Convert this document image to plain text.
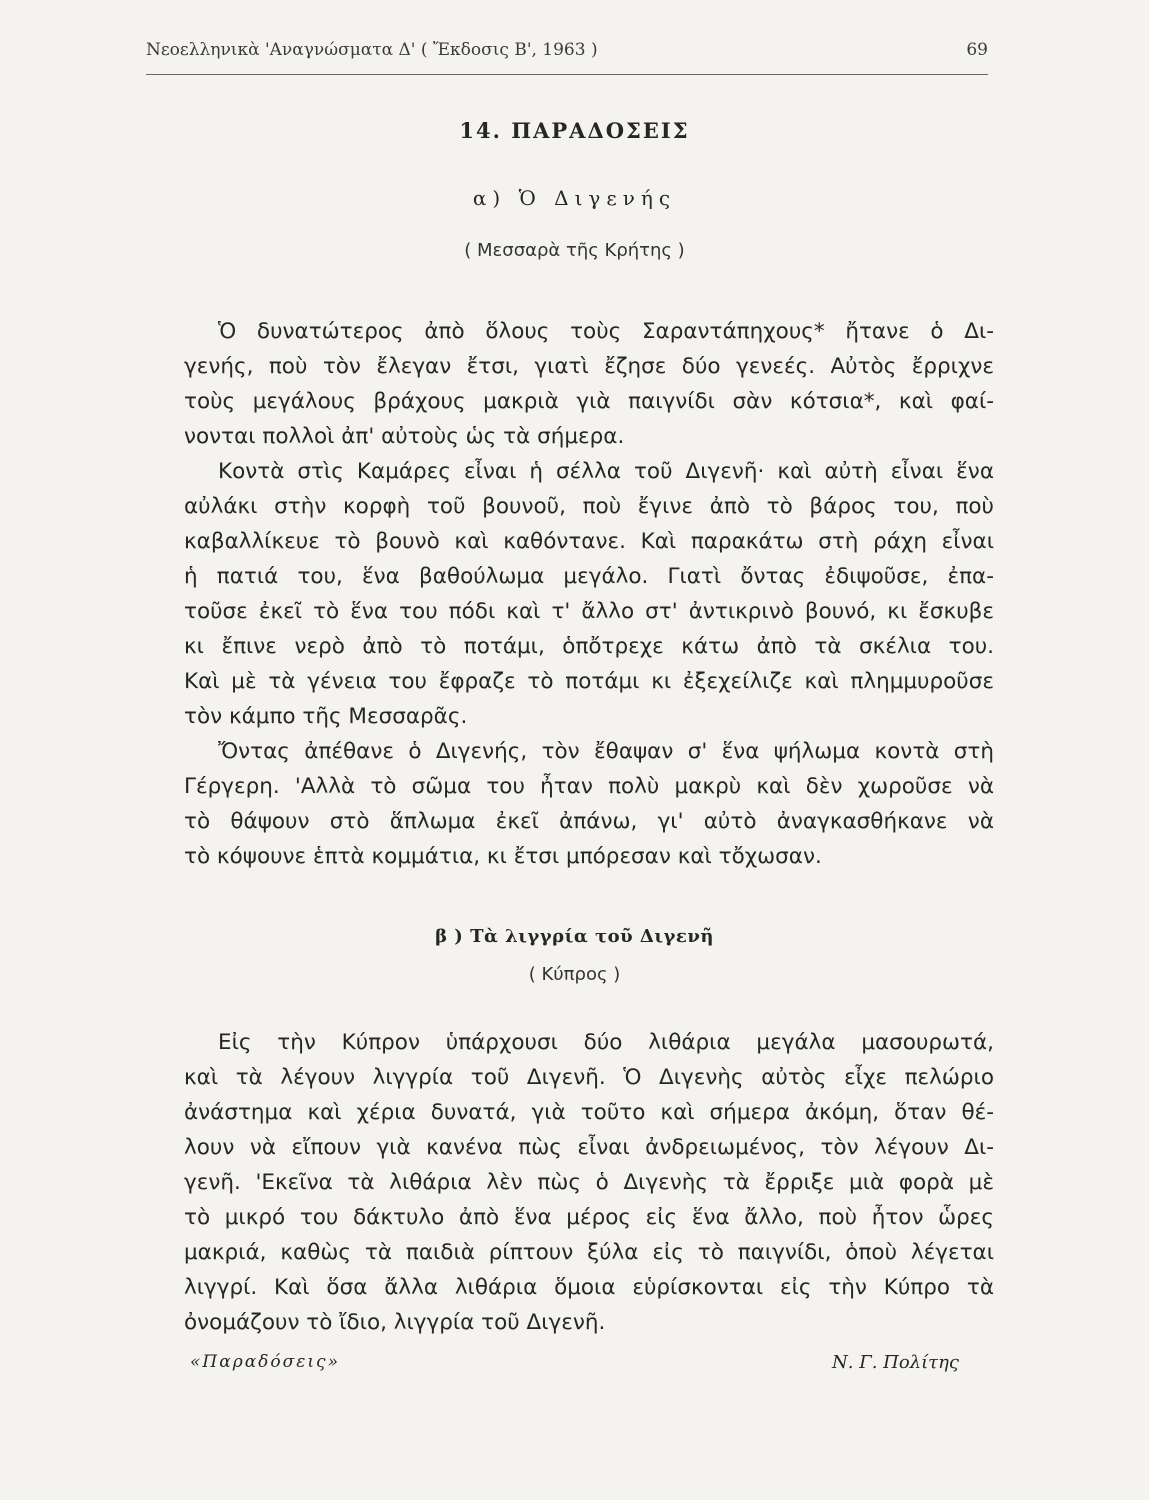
Νεοελληνικὰ 'Αναγνώσματα Δ' ( Ἔκδοσις Β', 1963 )	69
14. ΠΑΡΑΔΟΣΕΙΣ
α) Ὁ Διγενής
( Μεσσαρὰ τῆς Κρήτης )

Ὁ δυνατώτερος ἀπὸ ὅλους τοὺς Σαραντάπηχους* ἤτανε ὁ Δι-
γενής, ποὺ τὸν ἔλεγαν ἔτσι, γιατὶ ἔζησε δύο γενεές. Αὐτὸς ἔρριχνε
τοὺς μεγάλους βράχους μακριὰ γιὰ παιγνίδι σὰν κότσια*, καὶ φαί-
νονται πολλοὶ ἀπ' αὐτοὺς ὡς τὰ σήμερα.

Κοντὰ στὶς Καμάρες εἶναι ἡ σέλλα τοῦ Διγενῆ· καὶ αὐτὴ εἶναι ἕνα
αὐλάκι στὴν κορφὴ τοῦ βουνοῦ, ποὺ ἔγινε ἀπὸ τὸ βάρος του, ποὺ
καβαλλίκευε τὸ βουνὸ καὶ καθόντανε. Καὶ παρακάτω στὴ ράχη εἶναι
ἡ πατιά του, ἕνα βαθούλωμα μεγάλο. Γιατὶ ὄντας ἐδιψοῦσε, ἐπα-
τοῦσε ἐκεῖ τὸ ἕνα του πόδι καὶ τ' ἄλλο στ' ἀντικρινὸ βουνό, κι ἔσκυβε
κι ἔπινε νερὸ ἀπὸ τὸ ποτάμι, ὁπὄτρεχε κάτω ἀπὸ τὰ σκέλια του.
Καὶ μὲ τὰ γένεια του ἔφραζε τὸ ποτάμι κι ἐξεχείλιζε καὶ πλημμυροῦσε
τὸν κάμπο τῆς Μεσσαρᾶς.

Ὄντας ἀπέθανε ὁ Διγενής, τὸν ἔθαψαν σ' ἕνα ψήλωμα κοντὰ στὴ
Γέργερη. 'Αλλὰ τὸ σῶμα του ἦταν πολὺ μακρὺ καὶ δὲν χωροῦσε νὰ
τὸ θάψουν στὸ ἅπλωμα ἐκεῖ ἀπάνω, γι' αὐτὸ ἀναγκασθήκανε νὰ
τὸ κόψουνε ἑπτὰ κομμάτια, κι ἔτσι μπόρεσαν καὶ τὄχωσαν.

β ) Τὰ λιγγρία τοῦ Διγενῆ
( Κύπρος )

Εἰς τὴν Κύπρον ὑπάρχουσι δύο λιθάρια μεγάλα μασουρωτά,
καὶ τὰ λέγουν λιγγρία τοῦ Διγενῆ. Ὁ Διγενὴς αὐτὸς εἶχε πελώριο
ἀνάστημα καὶ χέρια δυνατά, γιὰ τοῦτο καὶ σήμερα ἀκόμη, ὅταν θέ-
λουν νὰ εἴπουν γιὰ κανένα πὼς εἶναι ἀνδρειωμένος, τὸν λέγουν Δι-
γενῆ. 'Εκεῖνα τὰ λιθάρια λὲν πὼς ὁ Διγενὴς τὰ ἔρριξε μιὰ φορὰ μὲ
τὸ μικρό του δάκτυλο ἀπὸ ἕνα μέρος εἰς ἕνα ἄλλο, ποὺ ἦτον ὧρες
μακριά, καθὼς τὰ παιδιὰ ρίπτουν ξύλα εἰς τὸ παιγνίδι, ὁποὺ λέγεται
λιγγρί. Καὶ ὅσα ἄλλα λιθάρια ὅμοια εὑρίσκονται εἰς τὴν Κύπρο τὰ
ὀνομάζουν τὸ ἴδιο, λιγγρία τοῦ Διγενῆ.

«Παραδόσεις»	Ν. Γ. Πολίτης
